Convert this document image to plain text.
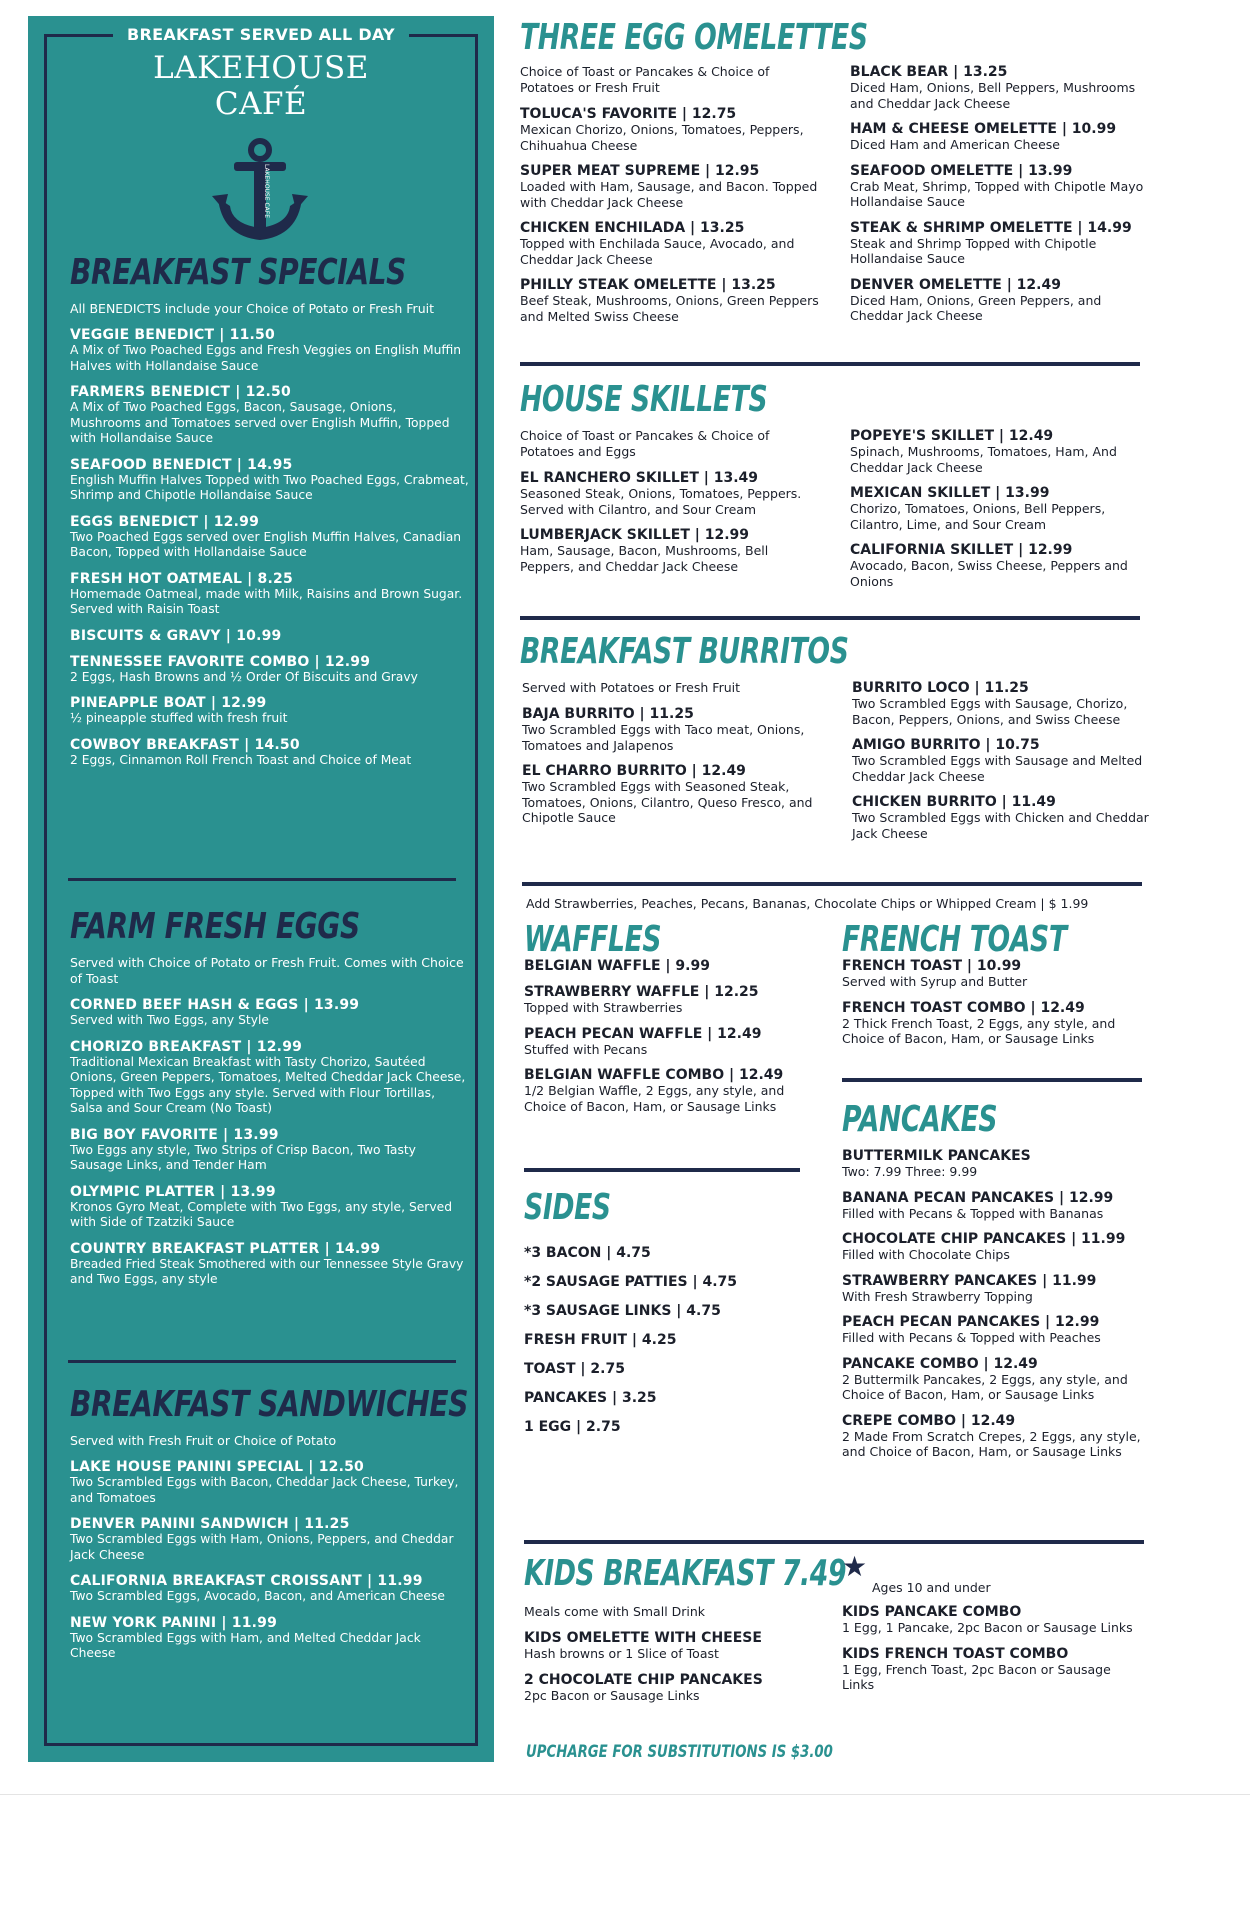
BREAKFAST SERVED ALL DAY
LAKEHOUSE
CAFÉ
LAKEHOUSE CAFE
BREAKFAST SPECIALS
All BENEDICTS include your Choice of Potato or Fresh Fruit
VEGGIE BENEDICT | 11.50
A Mix of Two Poached Eggs and Fresh Veggies on English Muffin Halves with Hollandaise Sauce
FARMERS BENEDICT | 12.50
A Mix of Two Poached Eggs, Bacon, Sausage, Onions, Mushrooms and Tomatoes served over English Muffin, Topped with Hollandaise Sauce
SEAFOOD BENEDICT | 14.95
English Muffin Halves Topped with Two Poached Eggs, Crabmeat, Shrimp and Chipotle Hollandaise Sauce
EGGS BENEDICT | 12.99
Two Poached Eggs served over English Muffin Halves, Canadian Bacon, Topped with Hollandaise Sauce
FRESH HOT OATMEAL | 8.25
Homemade Oatmeal, made with Milk, Raisins and Brown Sugar. Served with Raisin Toast
BISCUITS & GRAVY | 10.99
TENNESSEE FAVORITE COMBO | 12.99
2 Eggs, Hash Browns and ½ Order Of Biscuits and Gravy
PINEAPPLE BOAT | 12.99
½ pineapple stuffed with fresh fruit
COWBOY BREAKFAST | 14.50
2 Eggs, Cinnamon Roll French Toast and Choice of Meat
FARM FRESH EGGS
Served with Choice of Potato or Fresh Fruit. Comes with Choice of Toast
CORNED BEEF HASH & EGGS | 13.99
Served with Two Eggs, any Style
CHORIZO BREAKFAST | 12.99
Traditional Mexican Breakfast with Tasty Chorizo, Sautéed Onions, Green Peppers, Tomatoes, Melted Cheddar Jack Cheese, Topped with Two Eggs any style. Served with Flour Tortillas, Salsa and Sour Cream (No Toast)
BIG BOY FAVORITE | 13.99
Two Eggs any style, Two Strips of Crisp Bacon, Two Tasty Sausage Links, and Tender Ham
OLYMPIC PLATTER | 13.99
Kronos Gyro Meat, Complete with Two Eggs, any style, Served with Side of Tzatziki Sauce
COUNTRY BREAKFAST PLATTER | 14.99
Breaded Fried Steak Smothered with our Tennessee Style Gravy and Two Eggs, any style
BREAKFAST SANDWICHES
Served with Fresh Fruit or Choice of Potato
LAKE HOUSE PANINI SPECIAL | 12.50
Two Scrambled Eggs with Bacon, Cheddar Jack Cheese, Turkey, and Tomatoes
DENVER PANINI SANDWICH | 11.25
Two Scrambled Eggs with Ham, Onions, Peppers, and Cheddar Jack Cheese
CALIFORNIA BREAKFAST CROISSANT | 11.99
Two Scrambled Eggs, Avocado, Bacon, and American Cheese
NEW YORK PANINI | 11.99
Two Scrambled Eggs with Ham, and Melted Cheddar Jack Cheese
THREE EGG OMELETTES
Choice of Toast or Pancakes & Choice of Potatoes or Fresh Fruit
TOLUCA'S FAVORITE | 12.75
Mexican Chorizo, Onions, Tomatoes, Peppers, Chihuahua Cheese
SUPER MEAT SUPREME | 12.95
Loaded with Ham, Sausage, and Bacon. Topped with Cheddar Jack Cheese
CHICKEN ENCHILADA | 13.25
Topped with Enchilada Sauce, Avocado, and Cheddar Jack Cheese
PHILLY STEAK OMELETTE | 13.25
Beef Steak, Mushrooms, Onions, Green Peppers and Melted Swiss Cheese
BLACK BEAR | 13.25
Diced Ham, Onions, Bell Peppers, Mushrooms and Cheddar Jack Cheese
HAM & CHEESE OMELETTE | 10.99
Diced Ham and American Cheese
SEAFOOD OMELETTE | 13.99
Crab Meat, Shrimp, Topped with Chipotle Mayo Hollandaise Sauce
STEAK & SHRIMP OMELETTE | 14.99
Steak and Shrimp Topped with Chipotle Hollandaise Sauce
DENVER OMELETTE | 12.49
Diced Ham, Onions, Green Peppers, and Cheddar Jack Cheese
HOUSE SKILLETS
Choice of Toast or Pancakes & Choice of Potatoes and Eggs
EL RANCHERO SKILLET | 13.49
Seasoned Steak, Onions, Tomatoes, Peppers. Served with Cilantro, and Sour Cream
LUMBERJACK SKILLET | 12.99
Ham, Sausage, Bacon, Mushrooms, Bell Peppers, and Cheddar Jack Cheese
POPEYE'S SKILLET | 12.49
Spinach, Mushrooms, Tomatoes, Ham, And Cheddar Jack Cheese
MEXICAN SKILLET | 13.99
Chorizo, Tomatoes, Onions, Bell Peppers, Cilantro, Lime, and Sour Cream
CALIFORNIA SKILLET | 12.99
Avocado, Bacon, Swiss Cheese, Peppers and Onions
BREAKFAST BURRITOS
Served with Potatoes or Fresh Fruit
BAJA BURRITO | 11.25
Two Scrambled Eggs with Taco meat, Onions, Tomatoes and Jalapenos
EL CHARRO BURRITO | 12.49
Two Scrambled Eggs with Seasoned Steak, Tomatoes, Onions, Cilantro, Queso Fresco, and Chipotle Sauce
BURRITO LOCO | 11.25
Two Scrambled Eggs with Sausage, Chorizo, Bacon, Peppers, Onions, and Swiss Cheese
AMIGO BURRITO | 10.75
Two Scrambled Eggs with Sausage and Melted Cheddar Jack Cheese
CHICKEN BURRITO | 11.49
Two Scrambled Eggs with Chicken and Cheddar Jack Cheese
Add Strawberries, Peaches, Pecans, Bananas, Chocolate Chips or Whipped Cream | $ 1.99
WAFFLES
BELGIAN WAFFLE | 9.99
STRAWBERRY WAFFLE | 12.25
Topped with Strawberries
PEACH PECAN WAFFLE | 12.49
Stuffed with Pecans
BELGIAN WAFFLE COMBO | 12.49
1/2 Belgian Waffle, 2 Eggs, any style, and Choice of Bacon, Ham, or Sausage Links
FRENCH TOAST
FRENCH TOAST | 10.99
Served with Syrup and Butter
FRENCH TOAST COMBO | 12.49
2 Thick French Toast, 2 Eggs, any style, and Choice of Bacon, Ham, or Sausage Links
SIDES
*3 BACON | 4.75
*2 SAUSAGE PATTIES | 4.75
*3 SAUSAGE LINKS | 4.75
FRESH FRUIT | 4.25
TOAST | 2.75
PANCAKES | 3.25
1 EGG | 2.75
PANCAKES
BUTTERMILK PANCAKES
Two: 7.99 Three: 9.99
BANANA PECAN PANCAKES | 12.99
Filled with Pecans & Topped with Bananas
CHOCOLATE CHIP PANCAKES | 11.99
Filled with Chocolate Chips
STRAWBERRY PANCAKES | 11.99
With Fresh Strawberry Topping
PEACH PECAN PANCAKES | 12.99
Filled with Pecans & Topped with Peaches
PANCAKE COMBO | 12.49
2 Buttermilk Pancakes, 2 Eggs, any style, and Choice of Bacon, Ham, or Sausage Links
CREPE COMBO | 12.49
2 Made From Scratch Crepes, 2 Eggs, any style, and Choice of Bacon, Ham, or Sausage Links
KIDS BREAKFAST 7.49
★
Ages 10 and under
Meals come with Small Drink
KIDS OMELETTE WITH CHEESE
Hash browns or 1 Slice of Toast
2 CHOCOLATE CHIP PANCAKES
2pc Bacon or Sausage Links
KIDS PANCAKE COMBO
1 Egg, 1 Pancake, 2pc Bacon or Sausage Links
KIDS FRENCH TOAST COMBO
1 Egg, French Toast, 2pc Bacon or Sausage Links
UPCHARGE FOR SUBSTITUTIONS IS $3.00
